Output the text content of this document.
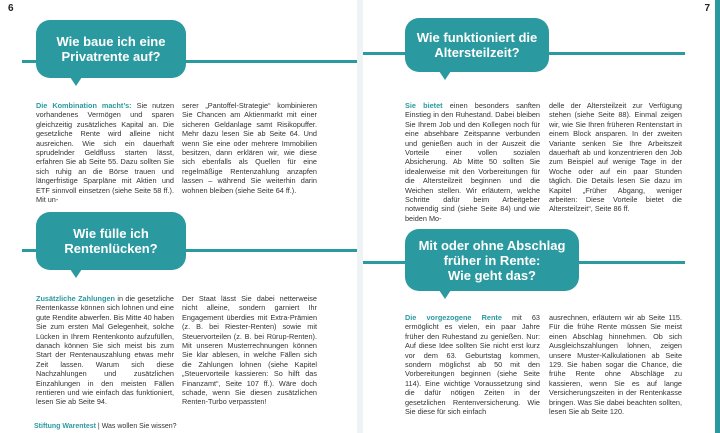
6
Wie baue ich eine
Privatrente auf?
Die Kombination macht’s: Sie nutzen vorhandenes Vermögen und sparen gleichzeitig zusätzliches Kapital an. Die gesetzliche Rente wird alleine nicht ausreichen. Wie sich ein dauerhaft sprudelnder Geldfluss starten lässt, erfahren Sie ab Seite 55. Dazu sollten Sie sich ruhig an die Börse trauen und längerfristige Sparpläne mit Aktien und ETF sinnvoll einsetzen (siehe Seite 58 ff.). Mit un-
serer „Pantoffel-Strategie“ kombinieren Sie Chancen am Aktienmarkt mit einer sicheren Geldanlage samt Risikopuffer. Mehr dazu lesen Sie ab Seite 64. Und wenn Sie eine oder mehrere Immobilien besitzen, dann erklären wir, wie diese sich ebenfalls als Quellen für eine regelmäßige Rentenzahlung anzapfen lassen – während Sie weiterhin darin wohnen bleiben (siehe Seite 64 ff.).
Wie fülle ich
Rentenlücken?
Zusätzliche Zahlungen in die gesetzliche Rentenkasse können sich lohnen und eine gute Rendite abwerfen. Bis Mitte 40 haben Sie zum ersten Mal Gelegenheit, solche Lücken in Ihrem Rentenkonto aufzufüllen, danach können Sie sich meist bis zum Start der Rentenauszahlung etwas mehr Zeit lassen. Warum sich diese Nachzahlungen und zusätzlichen Einzahlungen in den meisten Fällen rentieren und wie einfach das funktioniert, lesen Sie ab Seite 94.
Der Staat lässt Sie dabei netterweise nicht alleine, sondern garniert Ihr Engagement überdies mit Extra-Prämien (z. B. bei Riester-Renten) sowie mit Steuervorteilen (z. B. bei Rürup-Renten). Mit unseren Musterrechnungen können Sie klar ablesen, in welche Fällen sich die Zahlungen lohnen (siehe Kapitel „Steuervorteile kassieren: So hilft das Finanzamt“, Seite 107 ff.). Wäre doch schade, wenn Sie diesen zusätzlichen Renten-Turbo verpassten!
Stiftung Warentest | Was wollen Sie wissen?
7
Wie funktioniert die
Altersteilzeit?
Sie bietet einen besonders sanften Einstieg in den Ruhestand. Dabei bleiben Sie Ihrem Job und den Kollegen noch für eine absehbare Zeitspanne verbunden und genießen auch in der Auszeit die Vorteile einer vollen sozialen Absicherung. Ab Mitte 50 sollten Sie idealerweise mit den Vorbereitungen für die Altersteilzeit beginnen und die Weichen stellen. Wir erläutern, welche Schritte dafür beim Arbeitgeber notwendig sind (siehe Seite 84) und wie beiden Mo-
delle der Altersteilzeit zur Verfügung stehen (siehe Seite 88). Einmal zeigen wir, wie Sie Ihren früheren Rentenstart in einem Block ansparen. In der zweiten Variante senken Sie Ihre Arbeitszeit dauerhaft ab und konzentrieren den Job zum Beispiel auf wenige Tage in der Woche oder auf ein paar Stunden täglich. Die Details lesen Sie dazu im Kapitel „Früher Abgang, weniger arbeiten: Diese Vorteile bietet die Altersteilzeit“, Seite 86 ff.
Mit oder ohne Abschlag
früher in Rente:
Wie geht das?
Die vorgezogene Rente mit 63 ermöglicht es vielen, ein paar Jahre früher den Ruhestand zu genießen. Nur: Auf diese Idee sollten Sie nicht erst kurz vor dem 63. Geburtstag kommen, sondern möglichst ab 50 mit den Vorbereitungen beginnen (siehe Seite 114). Eine wichtige Voraussetzung sind die dafür nötigen Zeiten in der gesetzlichen Rentenversicherung. Wie Sie diese für sich einfach
ausrechnen, erläutern wir ab Seite 115. Für die frühe Rente müssen Sie meist einen Abschlag hinnehmen. Ob sich Ausgleichszahlungen lohnen, zeigen unsere Muster-Kalkulationen ab Seite 129. Sie haben sogar die Chance, die frühe Rente ohne Abschläge zu kassieren, wenn Sie es auf lange Versicherungszeiten in der Rentenkasse bringen. Was Sie dabei beachten sollten, lesen Sie ab Seite 120.
